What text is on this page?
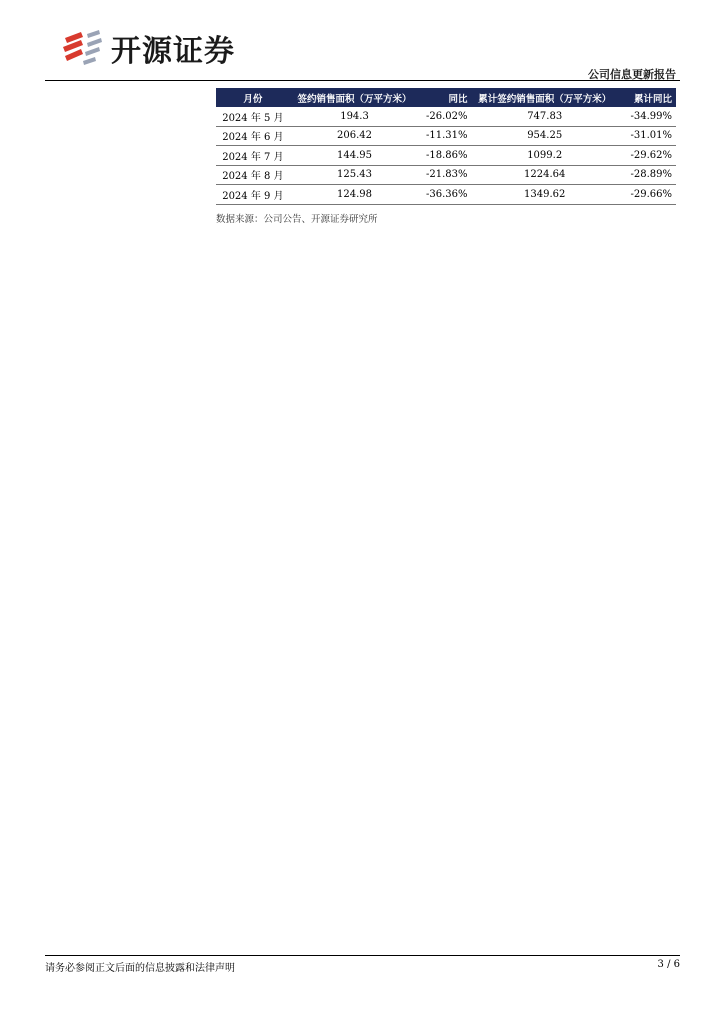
开源证券
公司信息更新报告
月份	签约销售面积（万平方米）	同比	累计签约销售面积（万平方米）	累计同比
2024 年 5 月	194.3	-26.02%	747.83	-34.99%
2024 年 6 月	206.42	-11.31%	954.25	-31.01%
2024 年 7 月	144.95	-18.86%	1099.2	-29.62%
2024 年 8 月	125.43	-21.83%	1224.64	-28.89%
2024 年 9 月	124.98	-36.36%	1349.62	-29.66%
数据来源：公司公告、开源证券研究所
请务必参阅正文后面的信息披露和法律声明	3 / 6
